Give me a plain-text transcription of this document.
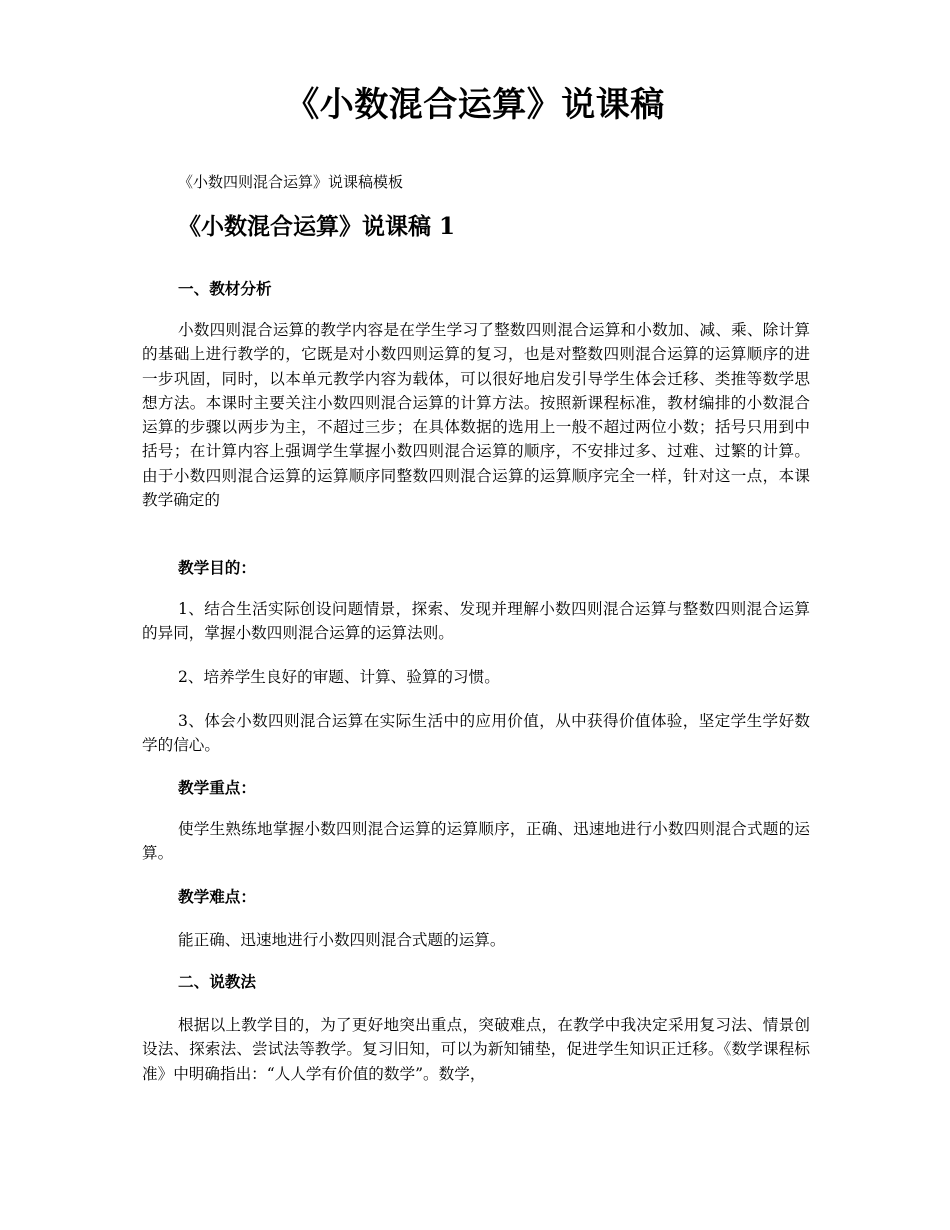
《小数混合运算》说课稿
《小数四则混合运算》说课稿模板
《小数混合运算》说课稿 1
一、教材分析
小数四则混合运算的教学内容是在学生学习了整数四则混合运算和小数加、减、乘、除计算的基础上进行教学的，它既是对小数四则运算的复习，也是对整数四则混合运算的运算顺序的进一步巩固，同时，以本单元教学内容为载体，可以很好地启发引导学生体会迁移、类推等数学思想方法。本课时主要关注小数四则混合运算的计算方法。按照新课程标准，教材编排的小数混合运算的步骤以两步为主，不超过三步；在具体数据的选用上一般不超过两位小数；括号只用到中括号；在计算内容上强调学生掌握小数四则混合运算的顺序，不安排过多、过难、过繁的计算。由于小数四则混合运算的运算顺序同整数四则混合运算的运算顺序完全一样，针对这一点，本课教学确定的
教学目的：
1、结合生活实际创设问题情景，探索、发现并理解小数四则混合运算与整数四则混合运算的异同，掌握小数四则混合运算的运算法则。
2、培养学生良好的审题、计算、验算的习惯。
3、体会小数四则混合运算在实际生活中的应用价值，从中获得价值体验，坚定学生学好数学的信心。
教学重点：
使学生熟练地掌握小数四则混合运算的运算顺序，正确、迅速地进行小数四则混合式题的运算。
教学难点：
能正确、迅速地进行小数四则混合式题的运算。
二、说教法
根据以上教学目的，为了更好地突出重点，突破难点，在教学中我决定采用复习法、情景创设法、探索法、尝试法等教学。复习旧知，可以为新知铺垫，促进学生知识正迁移。《数学课程标准》中明确指出：“人人学有价值的数学”。数学，
